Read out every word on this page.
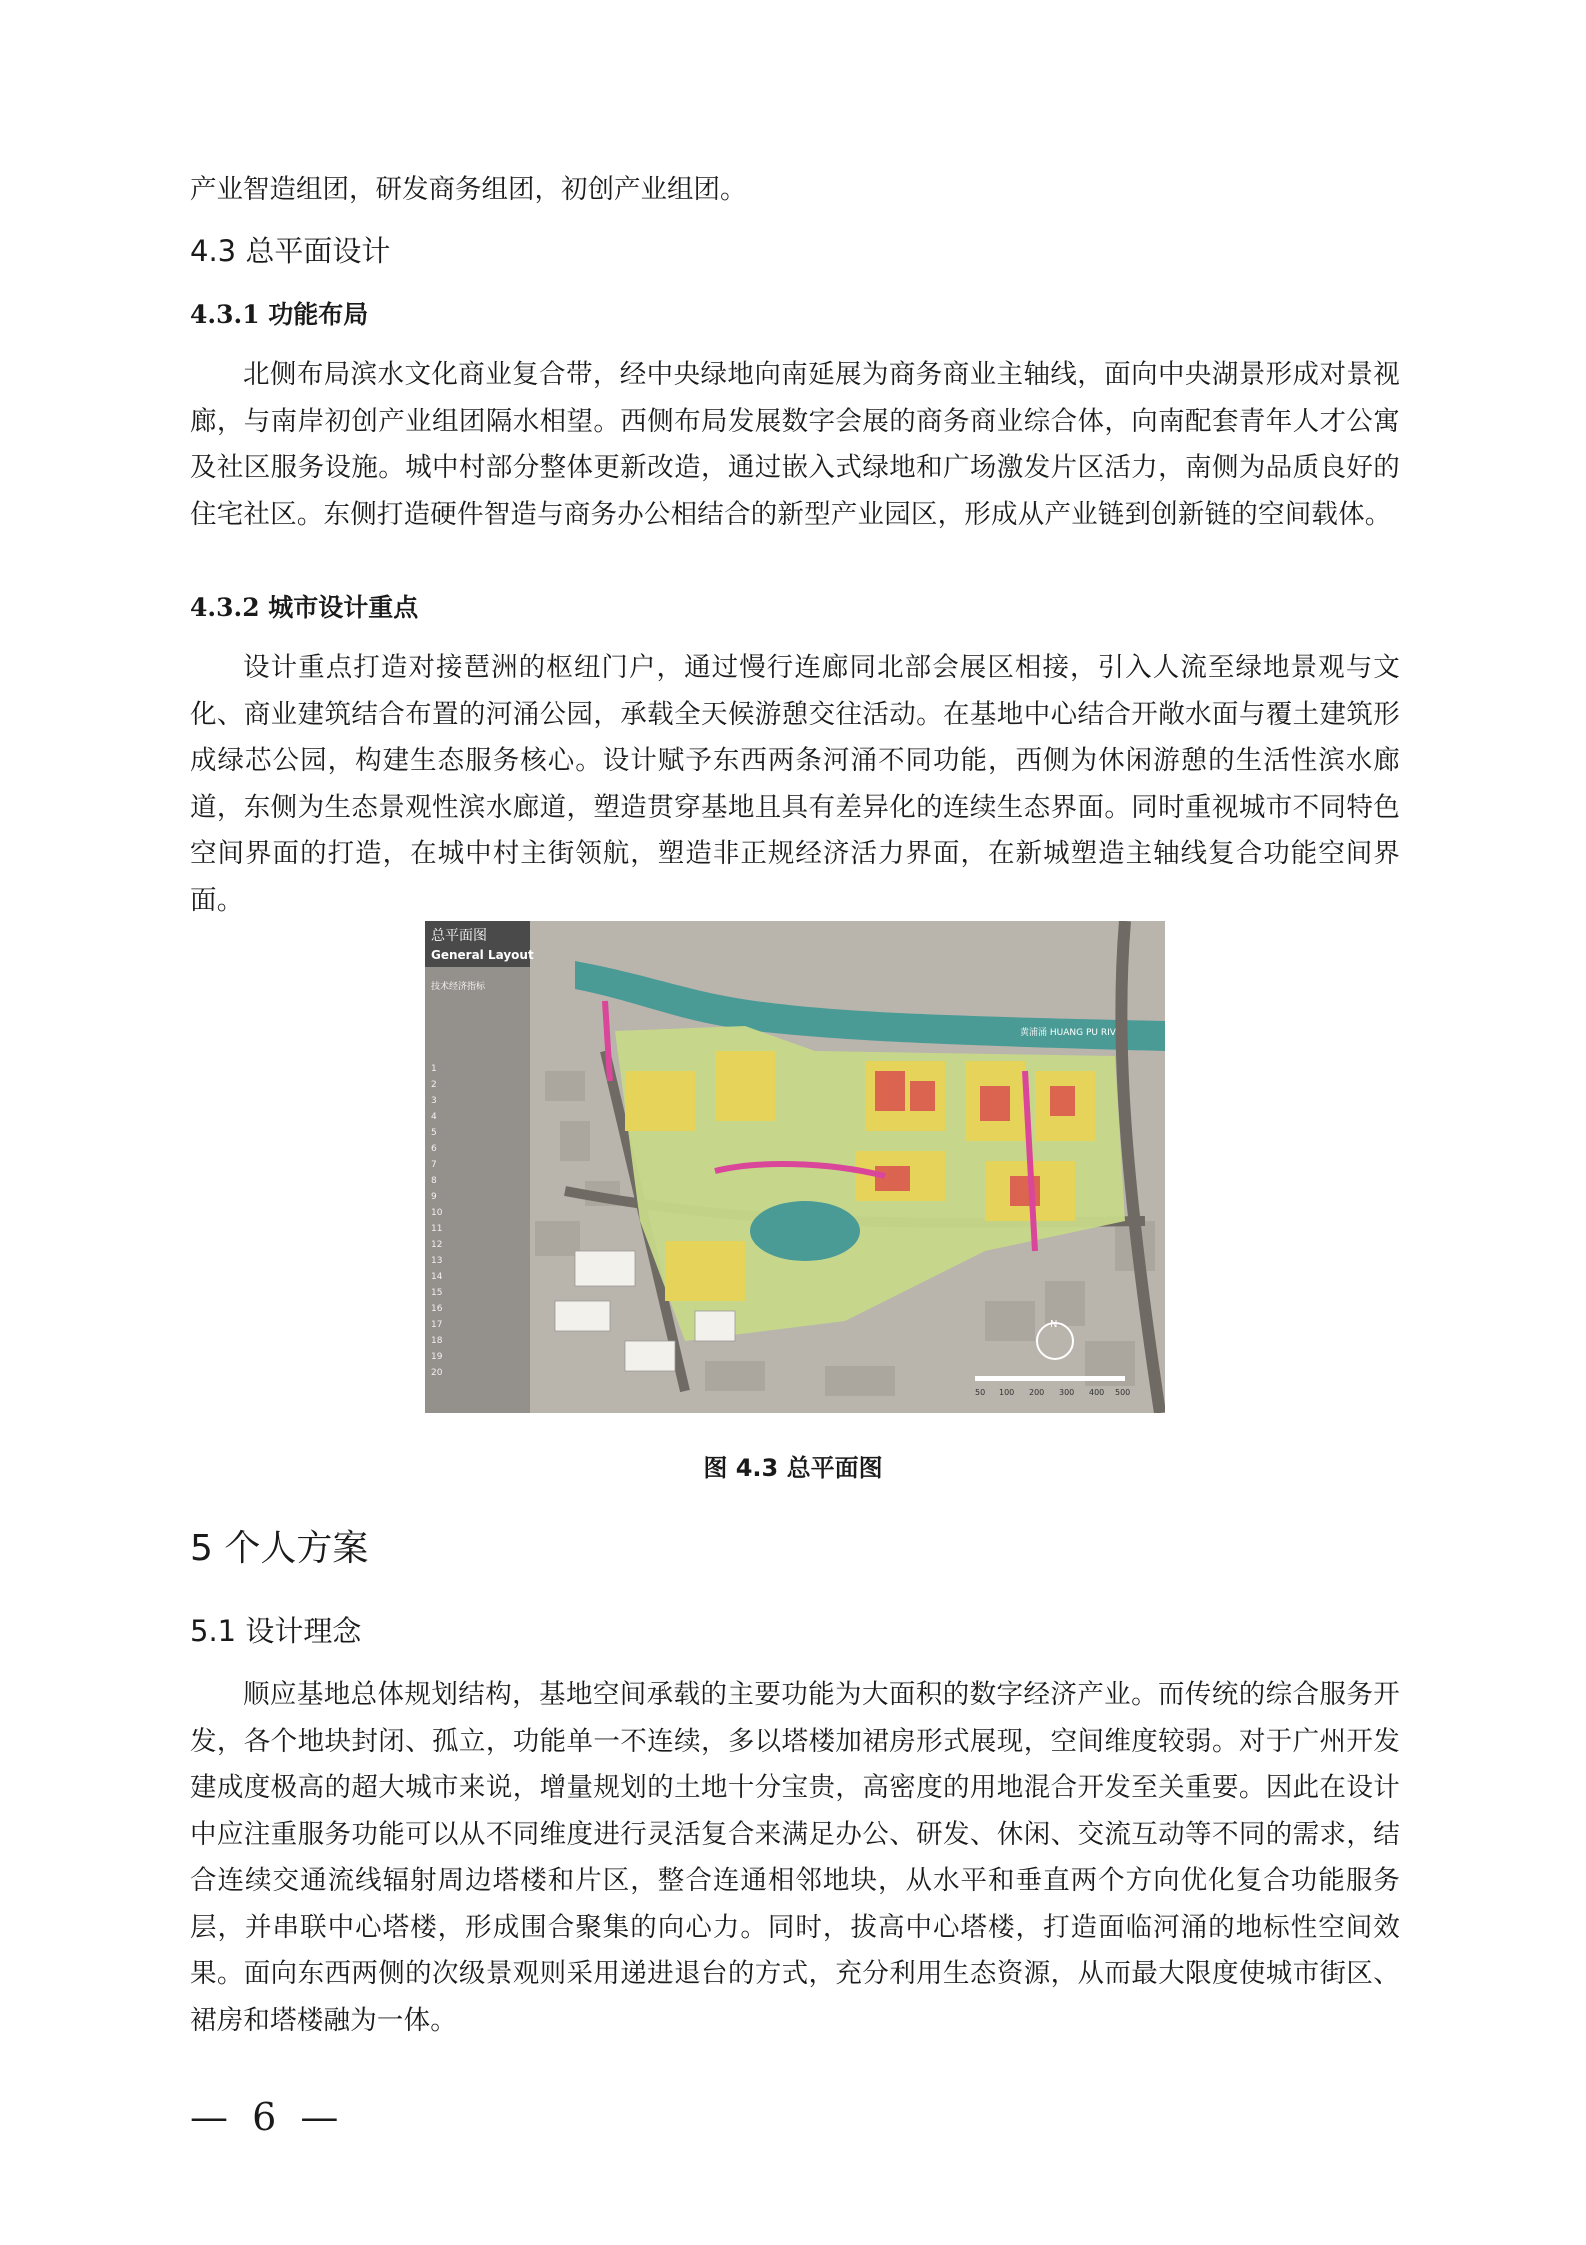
产业智造组团，研发商务组团，初创产业组团。

4.3 总平面设计
4.3.1 功能布局

北侧布局滨水文化商业复合带，经中央绿地向南延展为商务商业主轴线，面向中央湖景形成对景视廊，与南岸初创产业组团隔水相望。西侧布局发展数字会展的商务商业综合体，向南配套青年人才公寓及社区服务设施。城中村部分整体更新改造，通过嵌入式绿地和广场激发片区活力，南侧为品质良好的住宅社区。东侧打造硬件智造与商务办公相结合的新型产业园区，形成从产业链到创新链的空间载体。

4.3.2 城市设计重点

设计重点打造对接琶洲的枢纽门户，通过慢行连廊同北部会展区相接，引入人流至绿地景观与文化、商业建筑结合布置的河涌公园，承载全天候游憩交往活动。在基地中心结合开敞水面与覆土建筑形成绿芯公园，构建生态服务核心。设计赋予东西两条河涌不同功能，西侧为休闲游憩的生活性滨水廊道，东侧为生态景观性滨水廊道，塑造贯穿基地且具有差异化的连续生态界面。同时重视城市不同特色空间界面的打造，在城中村主街领航，塑造非正规经济活力界面，在新城塑造主轴线复合功能空间界面。

总平面图
General Layout
技术经济指标
1
2
3
4
5
6
7
8
9
10
11
12
13
14
15
16
17
18
19
20
黄浦涌 HUANG PU RIVER
N
50 100 200 300 400 500
图 4.3 总平面图
5 个人方案
5.1 设计理念

顺应基地总体规划结构，基地空间承载的主要功能为大面积的数字经济产业。而传统的综合服务开发，各个地块封闭、孤立，功能单一不连续，多以塔楼加裙房形式展现，空间维度较弱。对于广州开发建成度极高的超大城市来说，增量规划的土地十分宝贵，高密度的用地混合开发至关重要。因此在设计中应注重服务功能可以从不同维度进行灵活复合来满足办公、研发、休闲、交流互动等不同的需求，结合连续交通流线辐射周边塔楼和片区，整合连通相邻地块，从水平和垂直两个方向优化复合功能服务层，并串联中心塔楼，形成围合聚集的向心力。同时，拔高中心塔楼，打造面临河涌的地标性空间效果。面向东西两侧的次级景观则采用递进退台的方式，充分利用生态资源，从而最大限度使城市街区、裙房和塔楼融为一体。

— 6 —
